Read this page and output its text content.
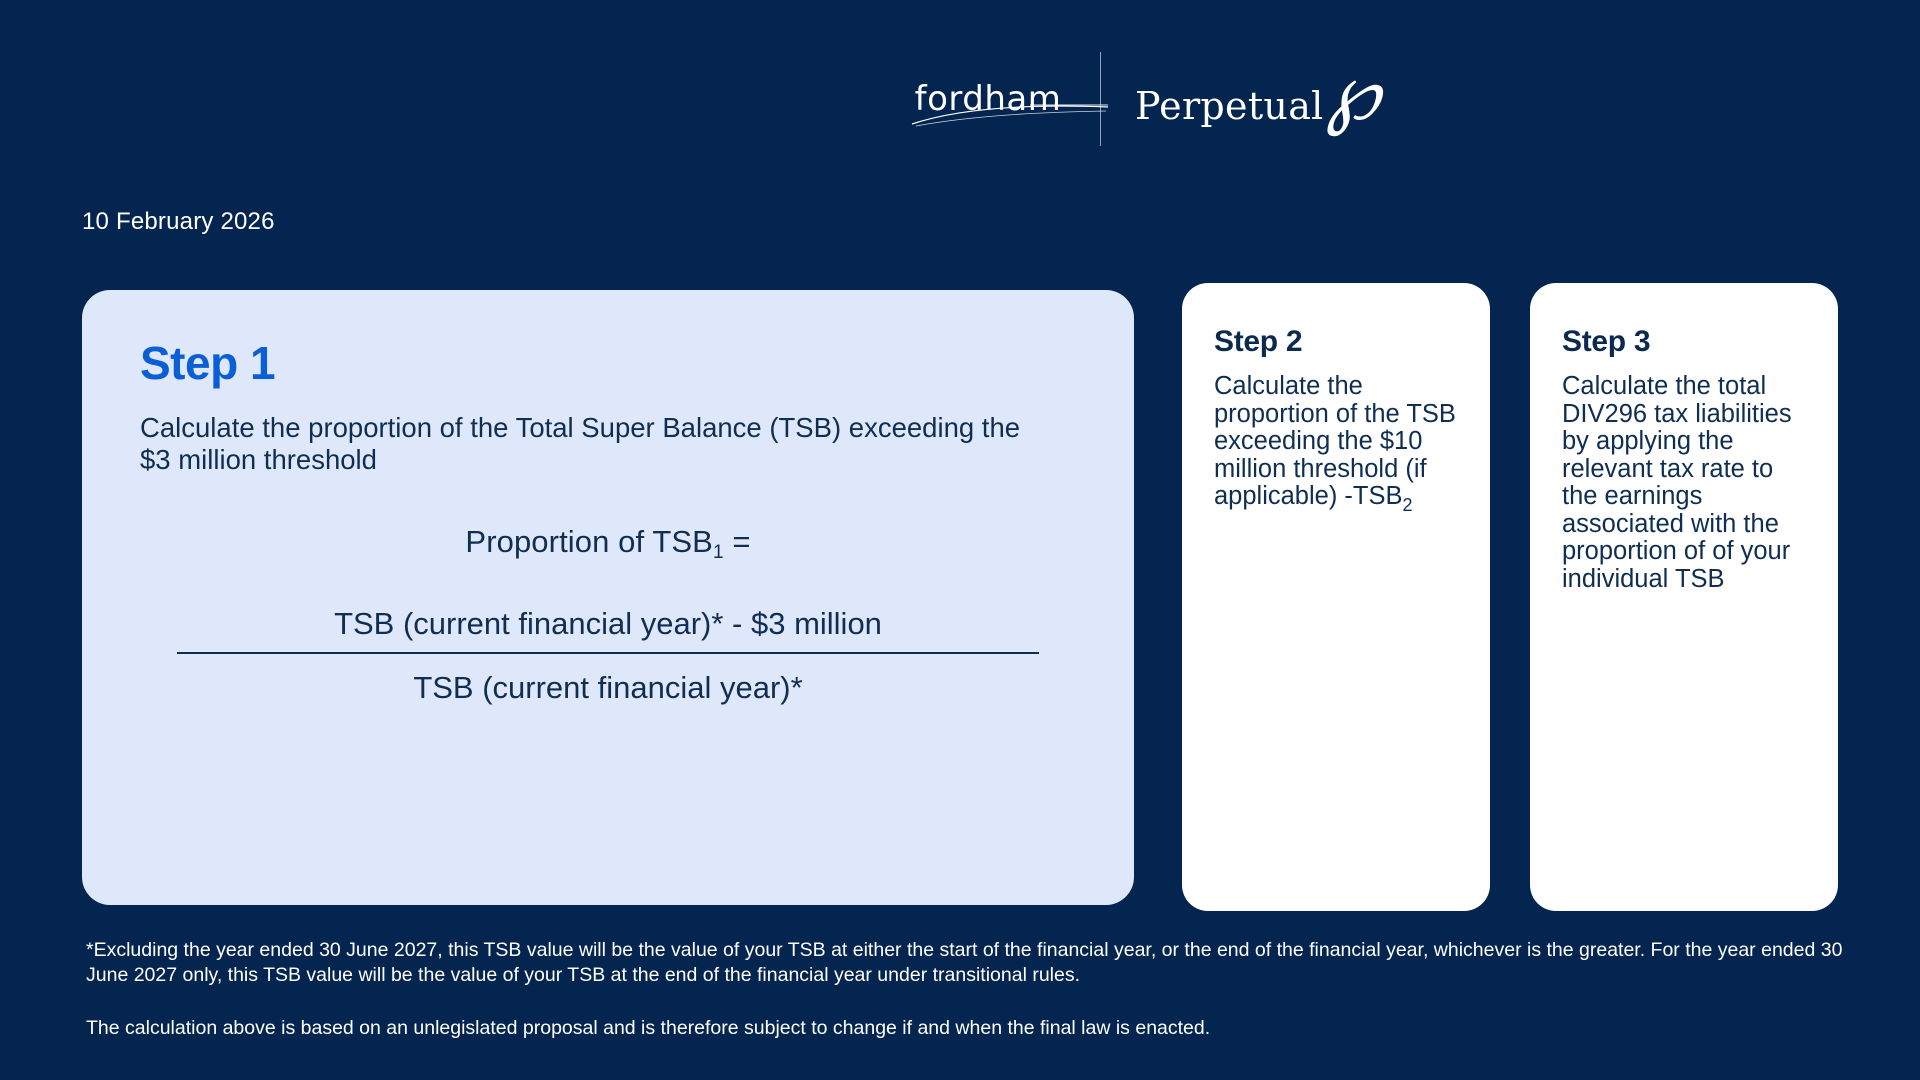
fordham Perpetual ℘
10 February 2026
Step 1

Calculate the proportion of the Total Super Balance (TSB) exceeding the $3 million threshold

Proportion of $TSB_1$ =
TSB (current financial year)* - $3 million
TSB (current financial year)*
Step 2

Calculate the proportion of the TSB exceeding the $10 million threshold (if applicable) $-TSB_2$

Step 3

Calculate the total DIV296 tax liabilities by applying the relevant tax rate to the earnings associated with the proportion of of your individual TSB

*Excluding the year ended 30 June 2027, this TSB value will be the value of your TSB at either the start of the financial year, or the end of the financial year, whichever is the greater. For the year ended 30 June 2027 only, this TSB value will be the value of your TSB at the end of the financial year under transitional rules.

The calculation above is based on an unlegislated proposal and is therefore subject to change if and when the final law is enacted.
